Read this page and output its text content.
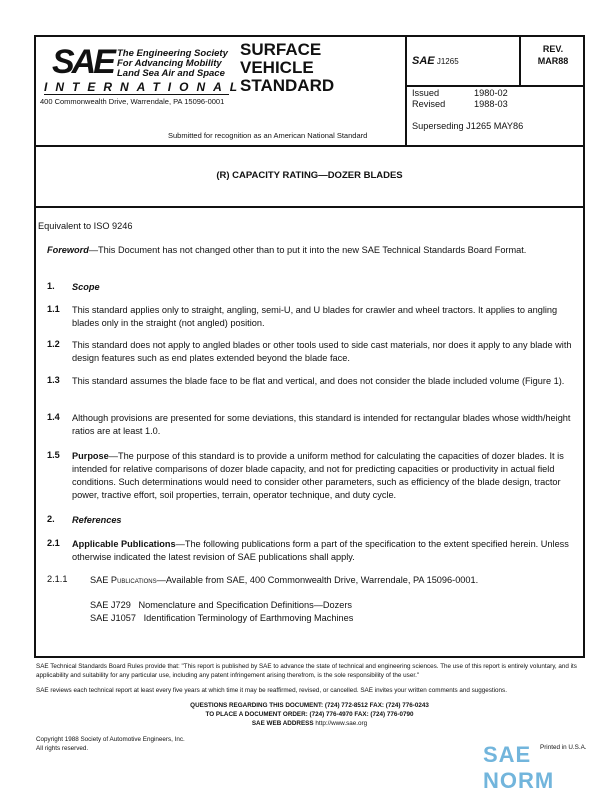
SAE The Engineering Society
For Advancing Mobility
Land Sea Air and Space
INTERNATIONAL
400 Commonwealth Drive, Warrendale, PA 15096-0001
SURFACE
VEHICLE
STANDARD
Submitted for recognition as an American National Standard
SAE J1265
REV.
MAR88
Issued	1980-02
Revised	1988-03
Superseding J1265 MAY86
(R) CAPACITY RATING—DOZER BLADES
Equivalent to ISO 9246
Foreword—This Document has not changed other than to put it into the new SAE Technical Standards Board Format.
1. Scope
1.1 This standard applies only to straight, angling, semi-U, and U blades for crawler and wheel tractors. It applies to angling blades only in the straight (not angled) position.
1.2 This standard does not apply to angled blades or other tools used to side cast materials, nor does it apply to any blade with design features such as end plates extended beyond the blade face.
1.3 This standard assumes the blade face to be flat and vertical, and does not consider the blade included volume (Figure 1).
1.4 Although provisions are presented for some deviations, this standard is intended for rectangular blades whose width/height ratios are at least 1.0.
1.5 Purpose—The purpose of this standard is to provide a uniform method for calculating the capacities of dozer blades. It is intended for relative comparisons of dozer blade capacity, and not for predicting capacities or productivity in actual field conditions. Such determinations would need to consider other parameters, such as efficiency of the blade design, tractor power, tractive effort, soil properties, terrain, operator technique, and duty cycle.
2. References
2.1 Applicable Publications—The following publications form a part of the specification to the extent specified herein. Unless otherwise indicated the latest revision of SAE publications shall apply.
2.1.1 SAE Publications—Available from SAE, 400 Commonwealth Drive, Warrendale, PA 15096-0001.
SAE J729   Nomenclature and Specification Definitions—Dozers
SAE J1057   Identification Terminology of Earthmoving Machines
SAE Technical Standards Board Rules provide that: "This report is published by SAE to advance the state of technical and engineering sciences. The use of this report is entirely voluntary, and its applicability and suitability for any particular use, including any patent infringement arising therefrom, is the sole responsibility of the user."
SAE reviews each technical report at least every five years at which time it may be reaffirmed, revised, or cancelled. SAE invites your written comments and suggestions.
QUESTIONS REGARDING THIS DOCUMENT: (724) 772-8512 FAX: (724) 776-0243
TO PLACE A DOCUMENT ORDER: (724) 776-4970 FAX: (724) 776-0790
SAE WEB ADDRESS http://www.sae.org
Copyright 1988 Society of Automotive Engineers, Inc.
All rights reserved.	Printed in U.S.A.
SAE NORM
